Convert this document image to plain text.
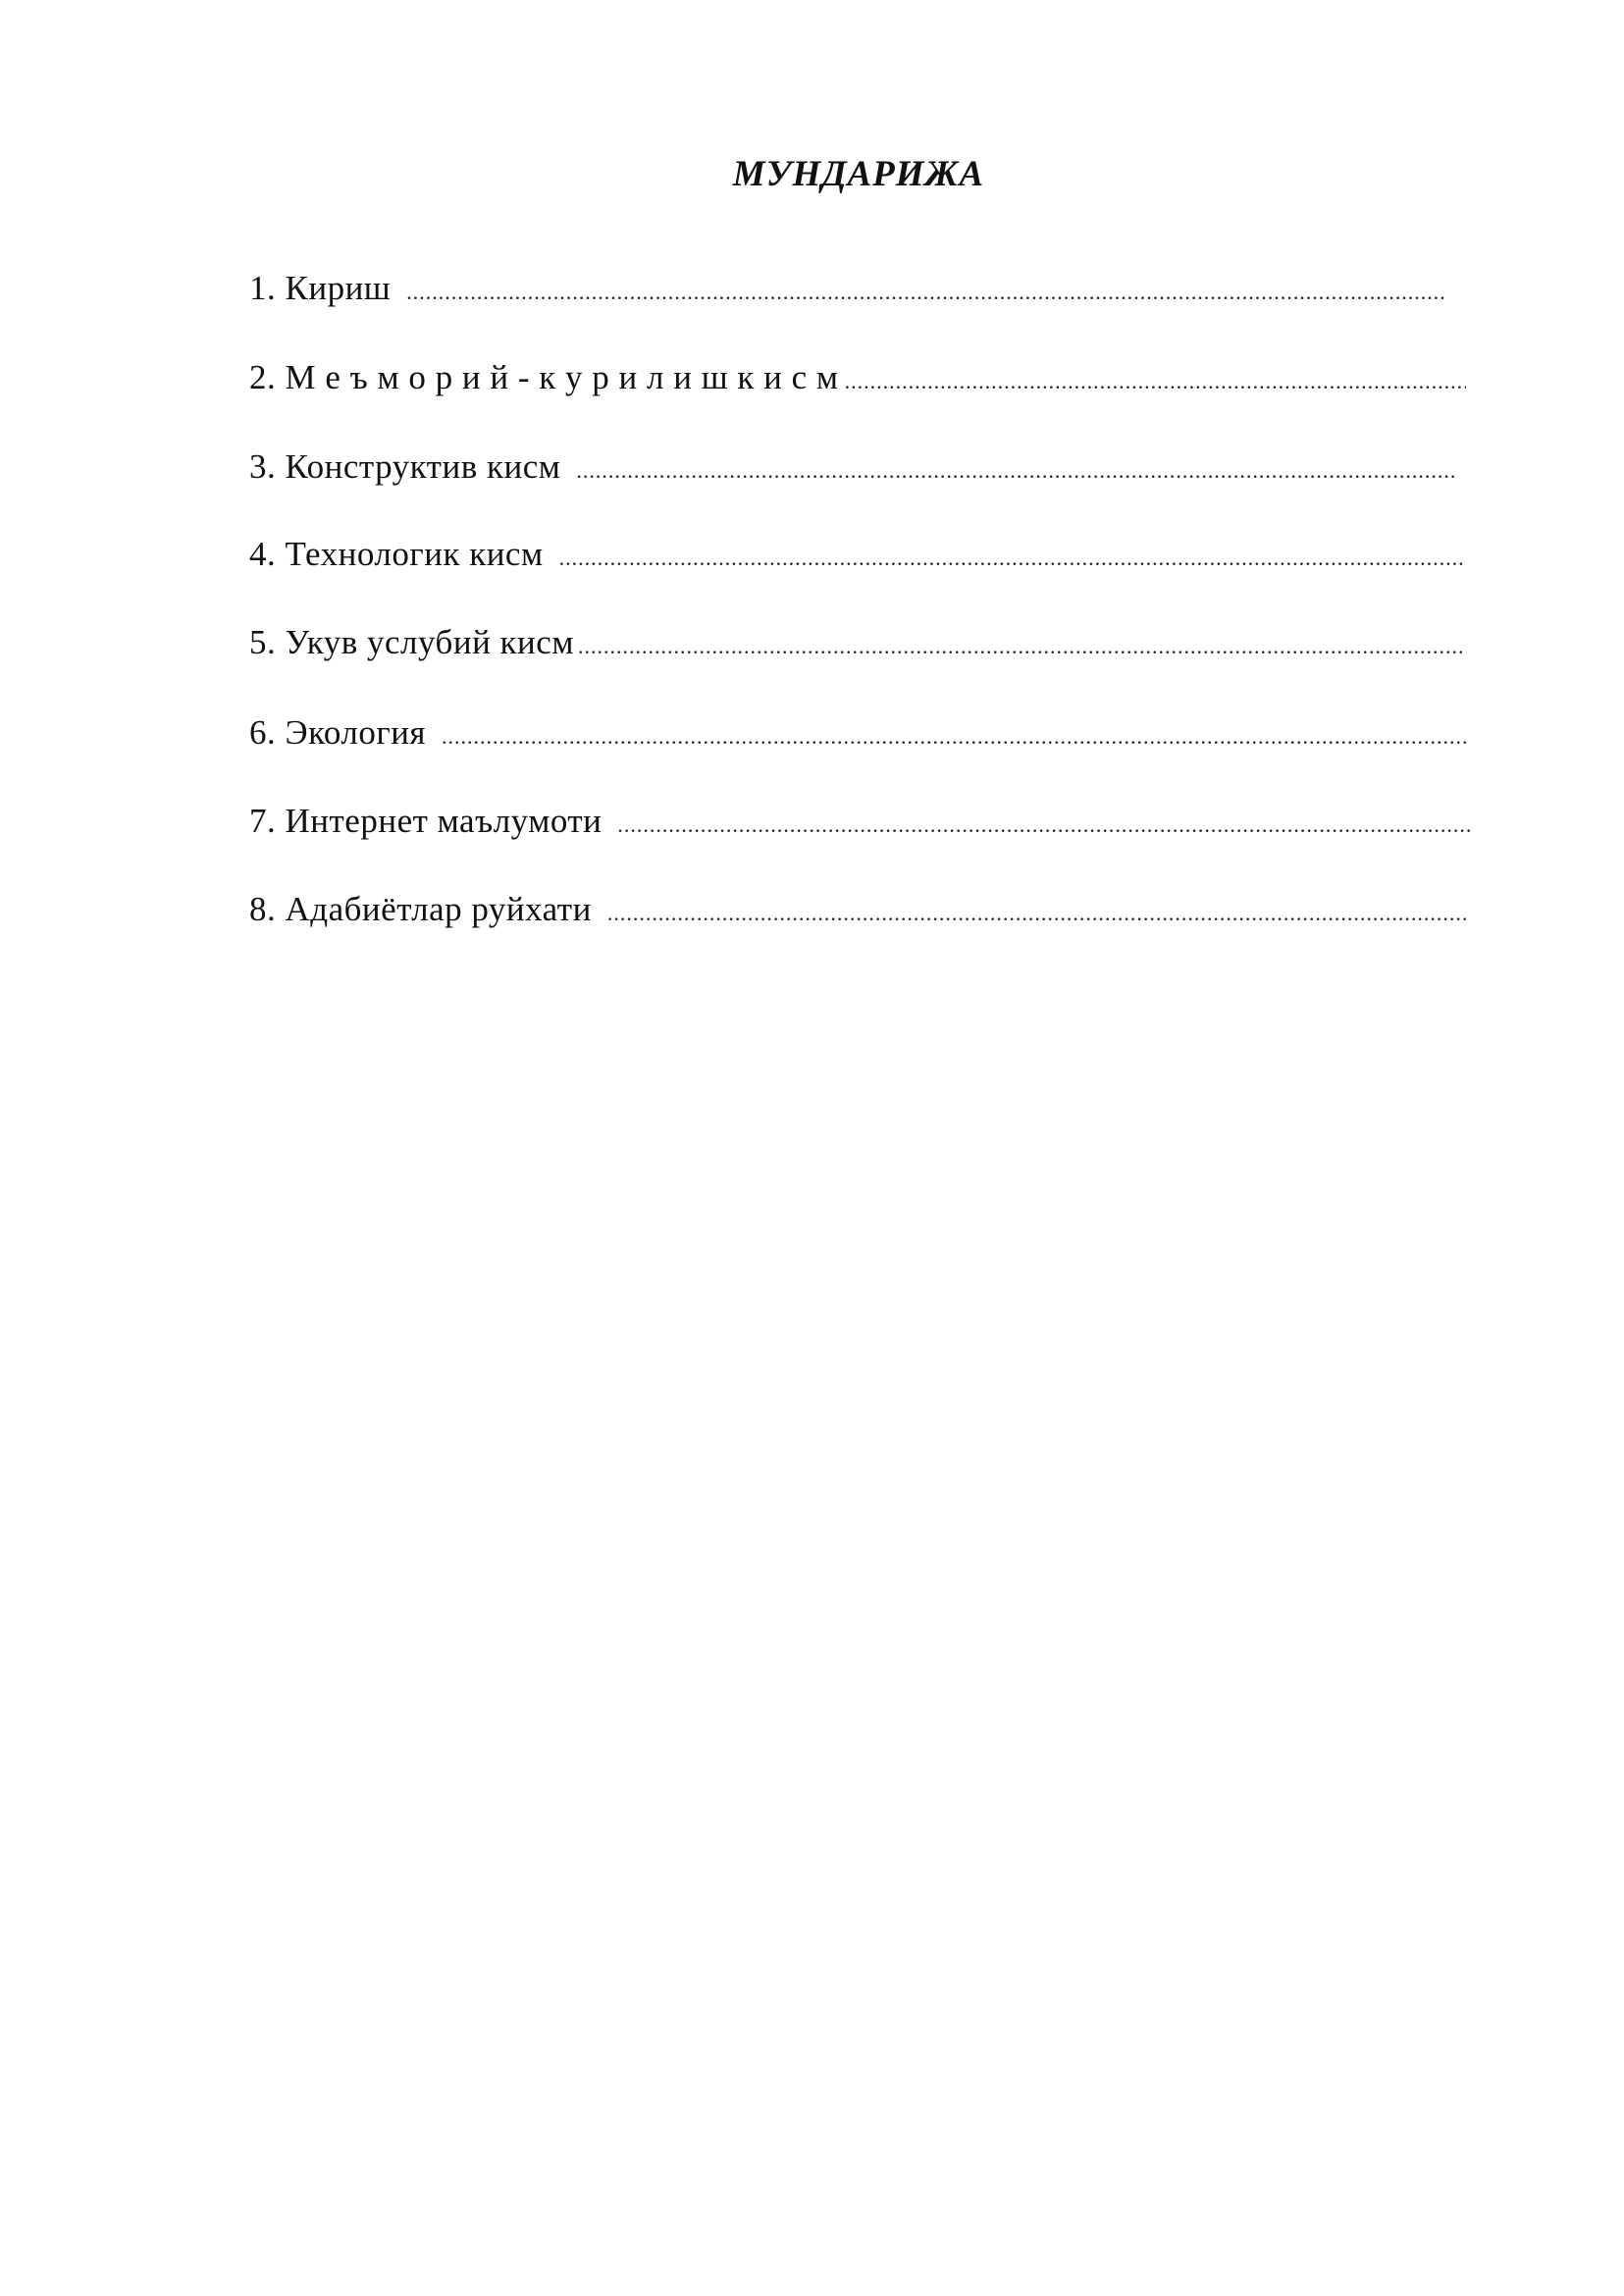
МУНДАРИЖА
1. Кириш
.....
2. М е ъ м о р и й - к у р и л и ш к и с м
.....
3. Конструктив кисм
.....
4. Технологик кисм
.....
5. Укув услубий кисм
.....
6. Экология
.....
7. Интернет маълумоти
.....
8. Адабиётлар руйхати
.....
